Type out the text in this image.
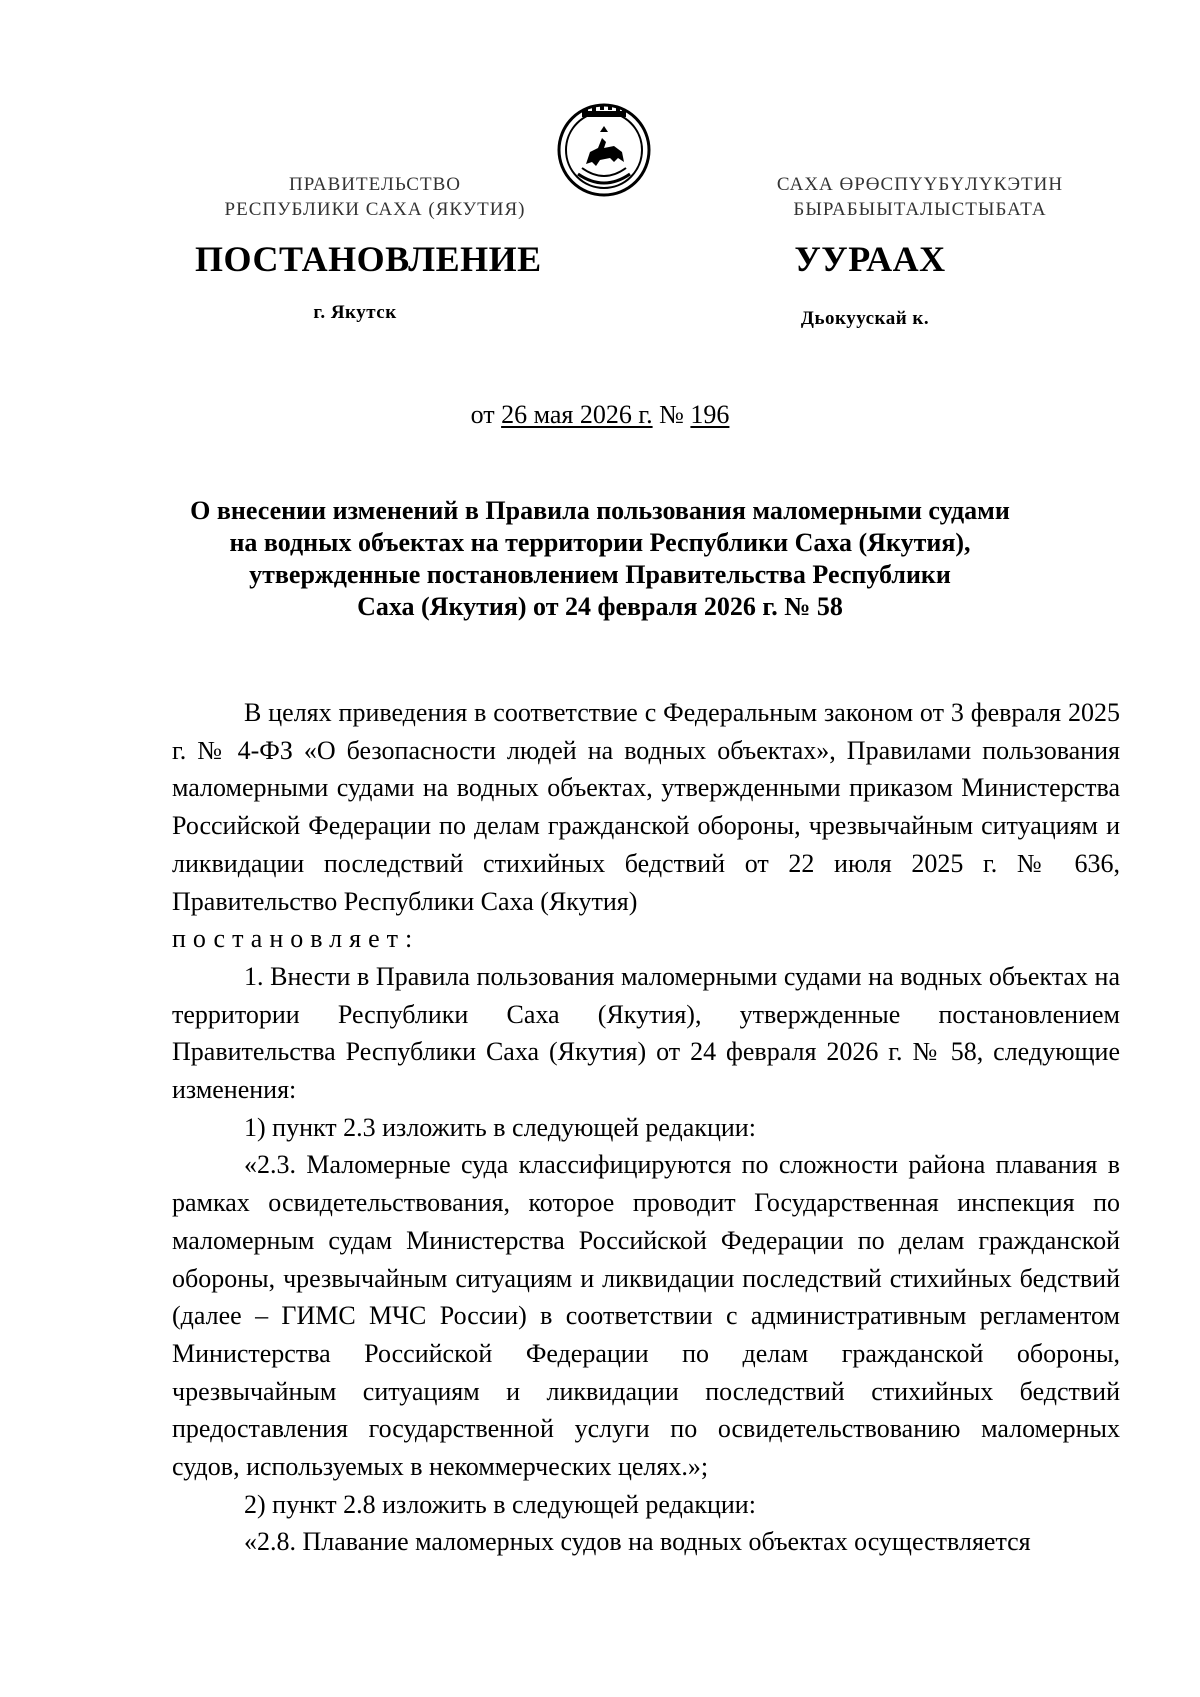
ПРАВИТЕЛЬСТВО
РЕСПУБЛИКИ САХА (ЯКУТИЯ)
САХА ӨРӨСПҮҮБҮЛҮКЭТИН
БЫРАБЫЫТАЛЫСТЫБАТА
ПОСТАНОВЛЕНИЕ	УУРААХ
г. Якутск	Дьокуускай к.
от 26 мая 2026 г. № 196
О внесении изменений в Правила пользования маломерными судами
на водных объектах на территории Республики Саха (Якутия),
утвержденные постановлением Правительства Республики
Саха (Якутия) от 24 февраля 2026 г. № 58

В целях приведения в соответствие с Федеральным законом от 3 февраля 2025 г. № 4-ФЗ «О безопасности людей на водных объектах», Правилами пользования маломерными судами на водных объектах, утвержденными приказом Министерства Российской Федерации по делам гражданской обороны, чрезвычайным ситуациям и ликвидации последствий стихийных бедствий от 22 июля 2025 г. № 636, Правительство Республики Саха (Якутия)

постановляет:

1. Внести в Правила пользования маломерными судами на водных объектах на территории Республики Саха (Якутия), утвержденные постановлением Правительства Республики Саха (Якутия) от 24 февраля 2026 г. № 58, следующие изменения:

1) пункт 2.3 изложить в следующей редакции:

«2.3. Маломерные суда классифицируются по сложности района плавания в рамках освидетельствования, которое проводит Государственная инспекция по маломерным судам Министерства Российской Федерации по делам гражданской обороны, чрезвычайным ситуациям и ликвидации последствий стихийных бедствий (далее – ГИМС МЧС России) в соответствии с административным регламентом Министерства Российской Федерации по делам гражданской обороны, чрезвычайным ситуациям и ликвидации последствий стихийных бедствий предоставления государственной услуги по освидетельствованию маломерных судов, используемых в некоммерческих целях.»;

2) пункт 2.8 изложить в следующей редакции:

«2.8. Плавание маломерных судов на водных объектах осуществляется
